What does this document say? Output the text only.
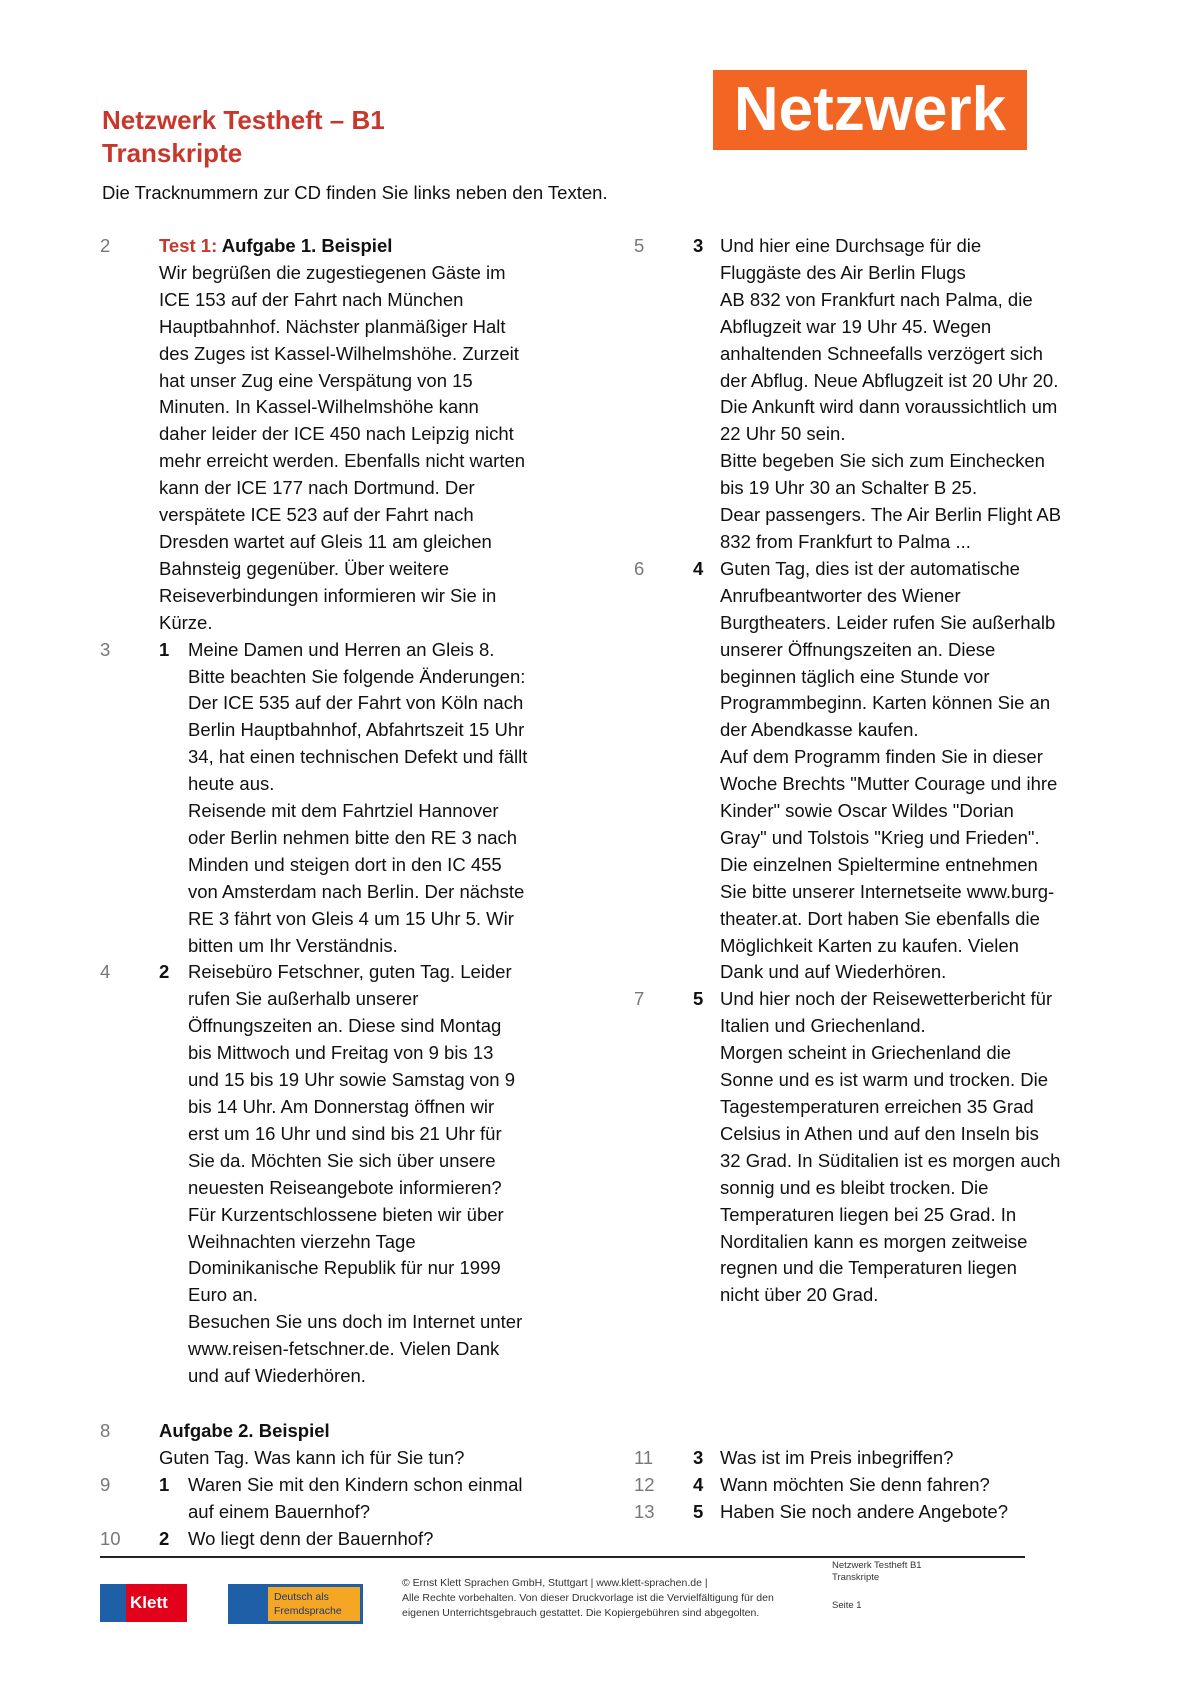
Netzwerk Testheft – B1
Transkripte
Netzwerk
Die Tracknummern zur CD finden Sie links neben den Texten.
2	Test 1: Aufgabe 1. Beispiel
Wir begrüßen die zugestiegenen Gäste im
ICE 153 auf der Fahrt nach München
Hauptbahnhof. Nächster planmäßiger Halt
des Zuges ist Kassel-Wilhelmshöhe. Zurzeit
hat unser Zug eine Verspätung von 15
Minuten. In Kassel-Wilhelmshöhe kann
daher leider der ICE 450 nach Leipzig nicht
mehr erreicht werden. Ebenfalls nicht warten
kann der ICE 177 nach Dortmund. Der
verspätete ICE 523 auf der Fahrt nach
Dresden wartet auf Gleis 11 am gleichen
Bahnsteig gegenüber. Über weitere
Reiseverbindungen informieren wir Sie in
Kürze.
3	1 Meine Damen und Herren an Gleis 8.
Bitte beachten Sie folgende Änderungen:
Der ICE 535 auf der Fahrt von Köln nach
Berlin Hauptbahnhof, Abfahrtszeit 15 Uhr
34, hat einen technischen Defekt und fällt
heute aus.
Reisende mit dem Fahrtziel Hannover
oder Berlin nehmen bitte den RE 3 nach
Minden und steigen dort in den IC 455
von Amsterdam nach Berlin. Der nächste
RE 3 fährt von Gleis 4 um 15 Uhr 5. Wir
bitten um Ihr Verständnis.
4	2 Reisebüro Fetschner, guten Tag. Leider
rufen Sie außerhalb unserer
Öffnungszeiten an. Diese sind Montag
bis Mittwoch und Freitag von 9 bis 13
und 15 bis 19 Uhr sowie Samstag von 9
bis 14 Uhr. Am Donnerstag öffnen wir
erst um 16 Uhr und sind bis 21 Uhr für
Sie da. Möchten Sie sich über unsere
neuesten Reiseangebote informieren?
Für Kurzentschlossene bieten wir über
Weihnachten vierzehn Tage
Dominikanische Republik für nur 1999
Euro an.
Besuchen Sie uns doch im Internet unter
www.reisen-fetschner.de. Vielen Dank
und auf Wiederhören.
5	3 Und hier eine Durchsage für die
Fluggäste des Air Berlin Flugs
AB 832 von Frankfurt nach Palma, die
Abflugzeit war 19 Uhr 45. Wegen
anhaltenden Schneefalls verzögert sich
der Abflug. Neue Abflugzeit ist 20 Uhr 20.
Die Ankunft wird dann voraussichtlich um
22 Uhr 50 sein.
Bitte begeben Sie sich zum Einchecken
bis 19 Uhr 30 an Schalter B 25.
Dear passengers. The Air Berlin Flight AB
832 from Frankfurt to Palma ...
6	4 Guten Tag, dies ist der automatische
Anrufbeantworter des Wiener
Burgtheaters. Leider rufen Sie außerhalb
unserer Öffnungszeiten an. Diese
beginnen täglich eine Stunde vor
Programmbeginn. Karten können Sie an
der Abendkasse kaufen.
Auf dem Programm finden Sie in dieser
Woche Brechts "Mutter Courage und ihre
Kinder" sowie Oscar Wildes "Dorian
Gray" und Tolstois "Krieg und Frieden".
Die einzelnen Spieltermine entnehmen
Sie bitte unserer Internetseite www.burg-
theater.at. Dort haben Sie ebenfalls die
Möglichkeit Karten zu kaufen. Vielen
Dank und auf Wiederhören.
7	5 Und hier noch der Reisewetterbericht für
Italien und Griechenland.
Morgen scheint in Griechenland die
Sonne und es ist warm und trocken. Die
Tagestemperaturen erreichen 35 Grad
Celsius in Athen und auf den Inseln bis
32 Grad. In Süditalien ist es morgen auch
sonnig und es bleibt trocken. Die
Temperaturen liegen bei 25 Grad. In
Norditalien kann es morgen zeitweise
regnen und die Temperaturen liegen
nicht über 20 Grad.
8	Aufgabe 2. Beispiel
Guten Tag. Was kann ich für Sie tun?
9	1 Waren Sie mit den Kindern schon einmal
auf einem Bauernhof?
10 2 Wo liegt denn der Bauernhof?
11 3 Was ist im Preis inbegriffen?
12 4 Wann möchten Sie denn fahren?
13 5 Haben Sie noch andere Angebote?
Klett	Deutsch als Fremdsprache
© Ernst Klett Sprachen GmbH, Stuttgart | www.klett-sprachen.de |
Alle Rechte vorbehalten. Von dieser Druckvorlage ist die Vervielfältigung für den
eigenen Unterrichtsgebrauch gestattet. Die Kopiergebühren sind abgegolten.
Netzwerk Testheft B1
Transkripte
Seite 1
